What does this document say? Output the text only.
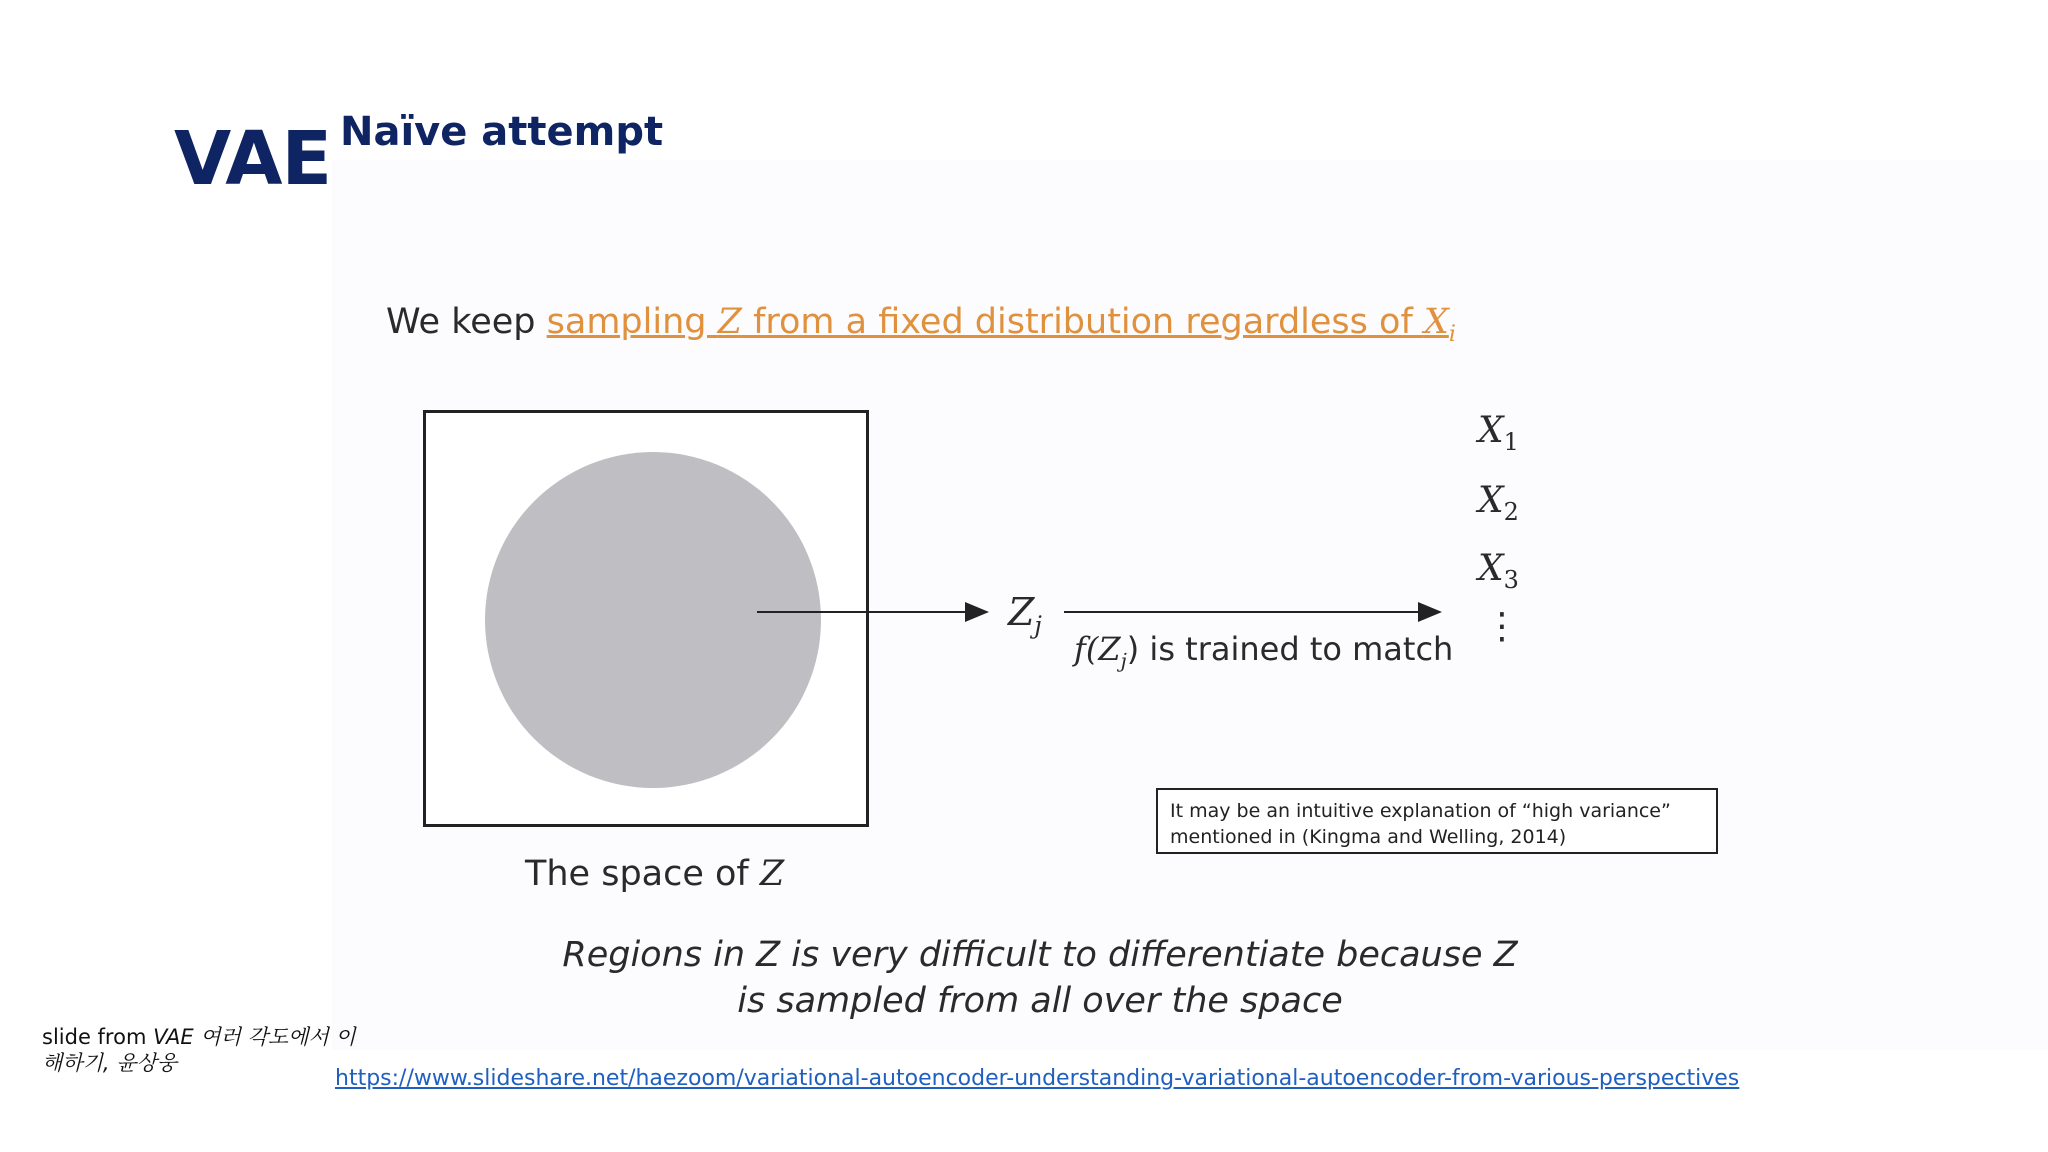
VAE Naïve attempt
We keep sampling Z from a fixed distribution regardless of $X_i$
$Z_j$
$f(Z_j)$ is trained to match
$X_1$
$X_2$
$X_3$
⋮
It may be an intuitive explanation of “high variance”
mentioned in (Kingma and Welling, 2014)
The space of Z
Regions in Z is very difficult to differentiate because Z
is sampled from all over the space
slide from VAE 여러 각도에서 이해하기, 윤상웅
https://www.slideshare.net/haezoom/variational-autoencoder-understanding-variational-autoencoder-from-various-perspectives
